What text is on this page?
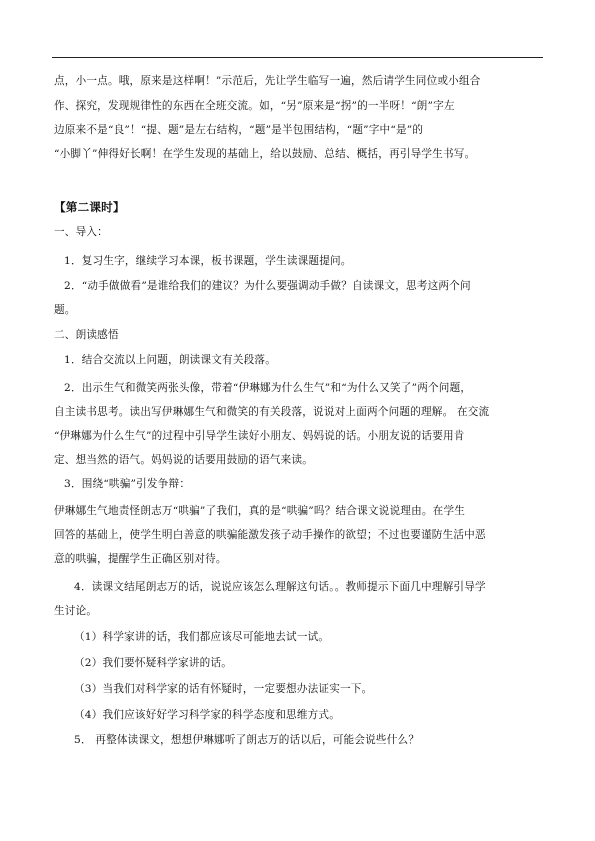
点，小一点。哦，原来是这样啊！”示范后，先让学生临写一遍，然后请学生同位或小组合
作、探究，发现规律性的东西在全班交流。如，“另”原来是“拐”的一半呀！“朗”字左
边原来不是“良”！“提、题”是左右结构，“题”是半包围结构，“题”字中“是”的
“小脚丫”伸得好长啊！在学生发现的基础上，给以鼓励、总结、概括，再引导学生书写。
【第二课时】
一、导入：
1．复习生字，继续学习本课，板书课题，学生读课题提问。
2．“动手做做看”是谁给我们的建议？为什么要强调动手做？自读课文，思考这两个问
题。
二、朗读感悟
1．结合交流以上问题，朗读课文有关段落。
2．出示生气和微笑两张头像，带着“伊琳娜为什么生气”和“为什么又笑了”两个问题，
自主读书思考。读出写伊琳娜生气和微笑的有关段落，说说对上面两个问题的理解。 在交流
“伊琳娜为什么生气”的过程中引导学生读好小朋友、妈妈说的话。小朋友说的话要用肯
定、想当然的语气。妈妈说的话要用鼓励的语气来读。
3．围绕“哄骗”引发争辩：
伊琳娜生气地责怪朗志万“哄骗”了我们，真的是“哄骗”吗？结合课文说说理由。在学生
回答的基础上，使学生明白善意的哄骗能激发孩子动手操作的欲望；不过也要谨防生活中恶
意的哄骗，提醒学生正确区别对待。
4．读课文结尾朗志万的话，说说应该怎么理解这句话。。教师提示下面几中理解引导学
生讨论。
（1）科学家讲的话，我们都应该尽可能地去试一试。
（2）我们要怀疑科学家讲的话。
（3）当我们对科学家的话有怀疑时，一定要想办法证实一下。
（4）我们应该好好学习科学家的科学态度和思维方式。
5． 再整体读课文，想想伊琳娜听了朗志万的话以后，可能会说些什么？
